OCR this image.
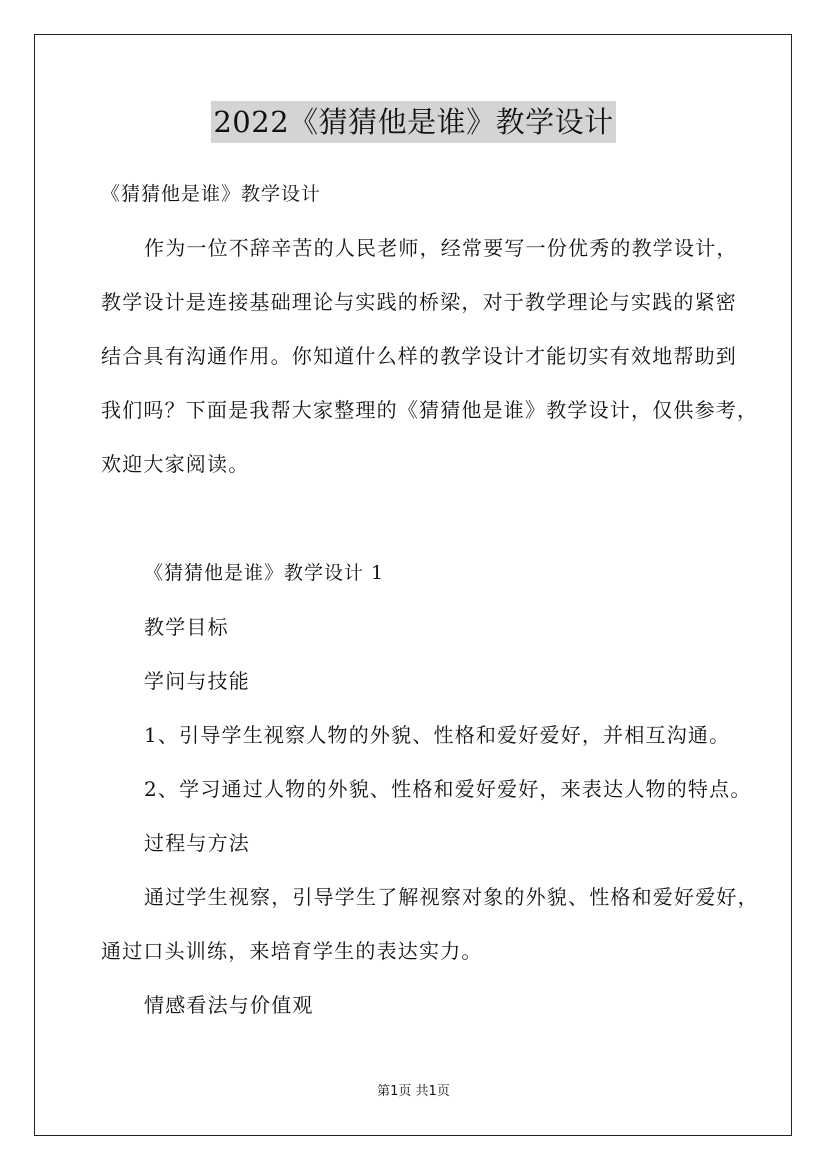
2022《猜猜他是谁》教学设计
《猜猜他是谁》教学设计
作为一位不辞辛苦的人民老师，经常要写一份优秀的教学设计，
教学设计是连接基础理论与实践的桥梁，对于教学理论与实践的紧密
结合具有沟通作用。你知道什么样的教学设计才能切实有效地帮助到
我们吗？下面是我帮大家整理的《猜猜他是谁》教学设计，仅供参考，
欢迎大家阅读。
《猜猜他是谁》教学设计 1
教学目标
学问与技能
1、引导学生视察人物的外貌、性格和爱好爱好，并相互沟通。
2、学习通过人物的外貌、性格和爱好爱好，来表达人物的特点。
过程与方法
通过学生视察，引导学生了解视察对象的外貌、性格和爱好爱好，
通过口头训练，来培育学生的表达实力。
情感看法与价值观
第1页 共1页
